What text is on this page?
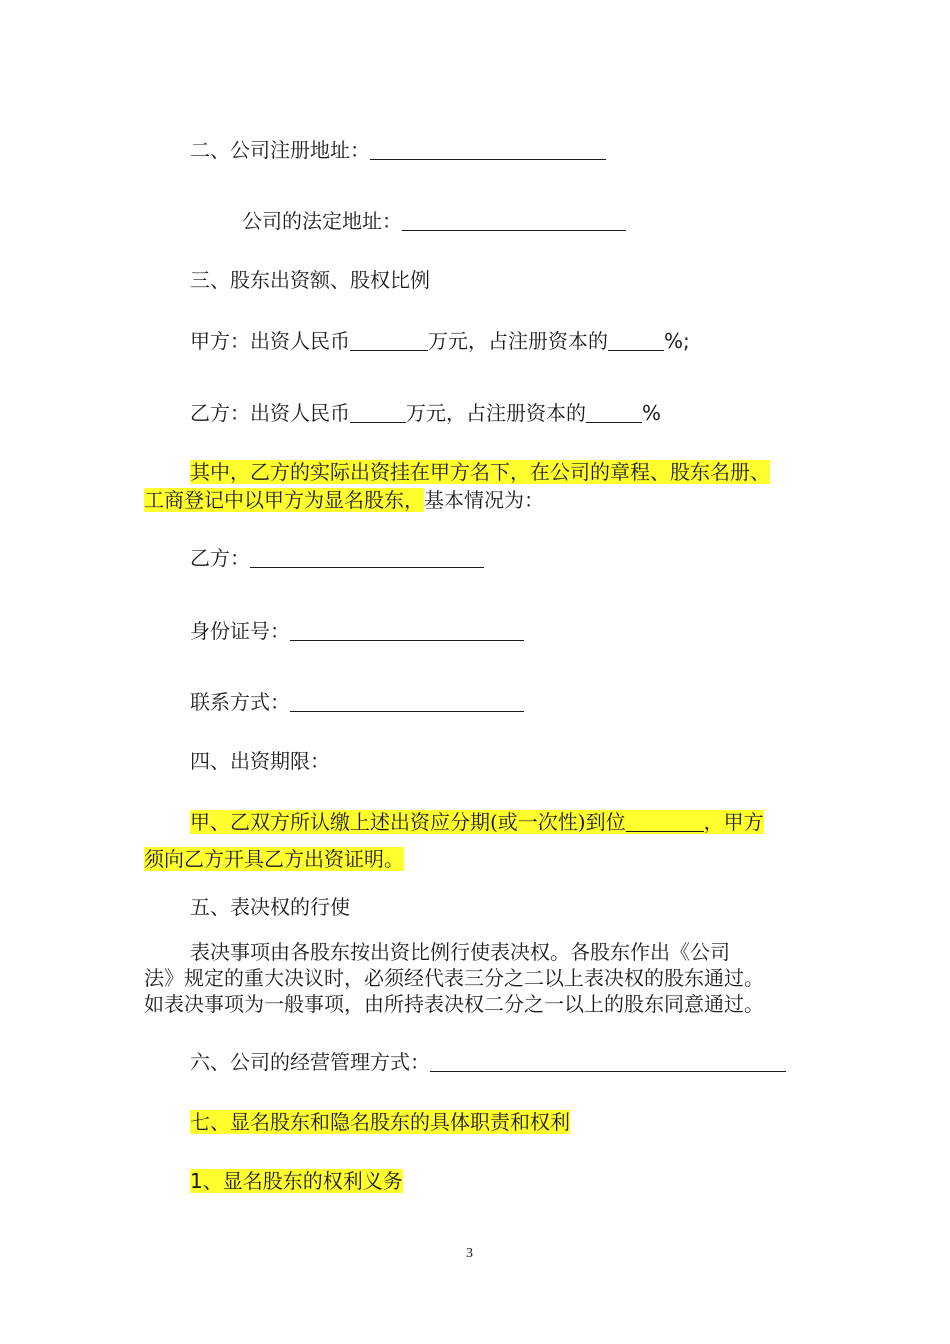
二、公司注册地址：
公司的法定地址：
三、股东出资额、股权比例
甲方：出资人民币	万元，占注册资本的	%;
乙方：出资人民币	万元，占注册资本的	%
其中，乙方的实际出资挂在甲方名下，在公司的章程、股东名册、
工商登记中以甲方为显名股东，基本情况为：
乙方：
身份证号：
联系方式：
四、出资期限：
甲、乙双方所认缴上述出资应分期(或一次性)到位	，甲方
须向乙方开具乙方出资证明。
五、表决权的行使
表决事项由各股东按出资比例行使表决权。各股东作出《公司
法》规定的重大决议时，必须经代表三分之二以上表决权的股东通过。
如表决事项为一般事项，由所持表决权二分之一以上的股东同意通过。
六、公司的经营管理方式：
七、显名股东和隐名股东的具体职责和权利
1、显名股东的权利义务
3
